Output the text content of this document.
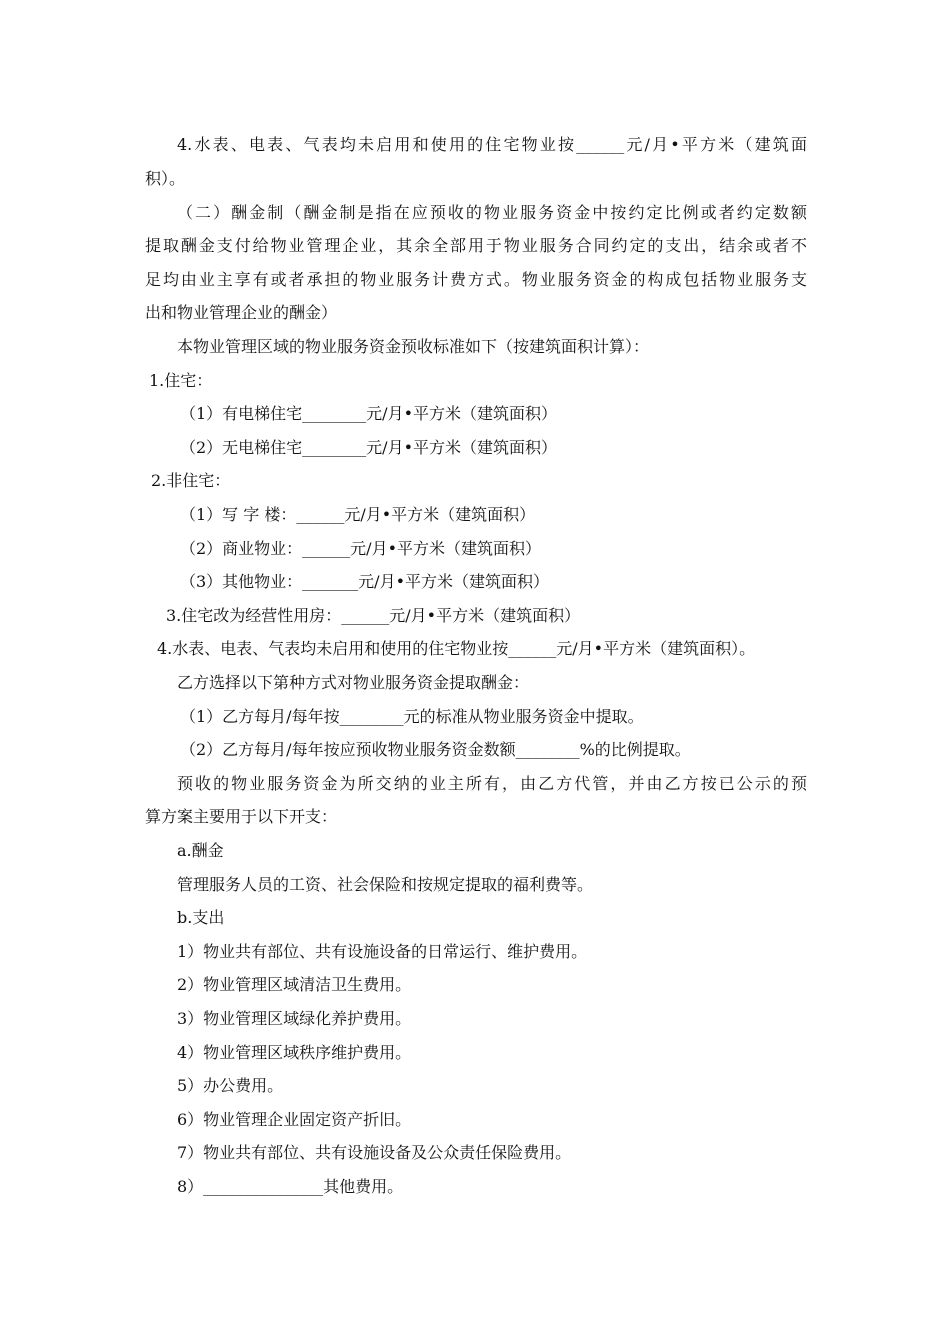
4.水表、电表、气表均未启用和使用的住宅物业按______元/月•平方米（建筑面
积）。
（二）酬金制（酬金制是指在应预收的物业服务资金中按约定比例或者约定数额
提取酬金支付给物业管理企业，其余全部用于物业服务合同约定的支出，结余或者不
足均由业主享有或者承担的物业服务计费方式。物业服务资金的构成包括物业服务支
出和物业管理企业的酬金）
本物业管理区域的物业服务资金预收标准如下（按建筑面积计算）：
1.住宅：
（1）有电梯住宅________元/月•平方米（建筑面积）
（2）无电梯住宅________元/月•平方米（建筑面积）
2.非住宅：
（1）写 字 楼：______元/月•平方米（建筑面积）
（2）商业物业：______元/月•平方米（建筑面积）
（3）其他物业：_______元/月•平方米（建筑面积）
3.住宅改为经营性用房：______元/月•平方米（建筑面积）
4.水表、电表、气表均未启用和使用的住宅物业按______元/月•平方米（建筑面积）。
乙方选择以下第种方式对物业服务资金提取酬金：
（1）乙方每月/每年按________元的标准从物业服务资金中提取。
（2）乙方每月/每年按应预收物业服务资金数额________%的比例提取。
预收的物业服务资金为所交纳的业主所有，由乙方代管，并由乙方按已公示的预
算方案主要用于以下开支：
a.酬金
管理服务人员的工资、社会保险和按规定提取的福利费等。
b.支出
1）物业共有部位、共有设施设备的日常运行、维护费用。
2）物业管理区域清洁卫生费用。
3）物业管理区域绿化养护费用。
4）物业管理区域秩序维护费用。
5）办公费用。
6）物业管理企业固定资产折旧。
7）物业共有部位、共有设施设备及公众责任保险费用。
8）_______________其他费用。
